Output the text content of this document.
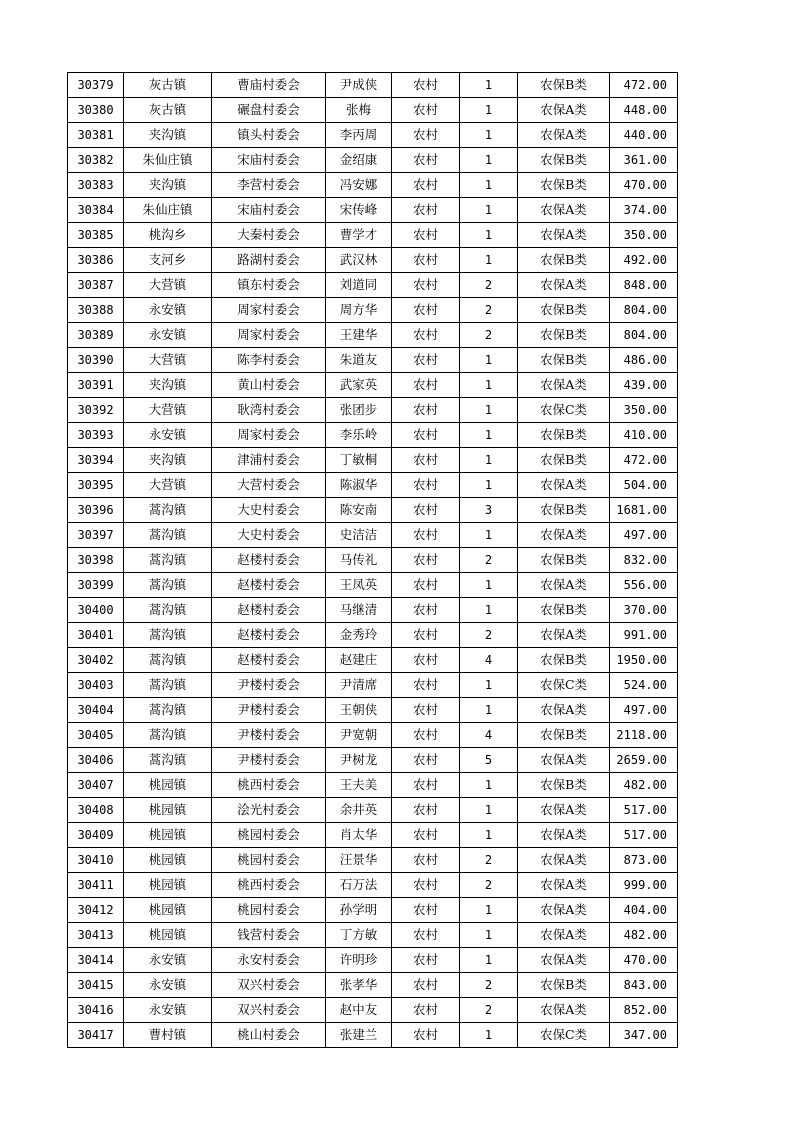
30379	灰古镇	曹庙村委会	尹成侠	农村	1	农保B类	472.00
30380	灰古镇	碾盘村委会	张梅	农村	1	农保A类	448.00
30381	夹沟镇	镇头村委会	李丙周	农村	1	农保A类	440.00
30382	朱仙庄镇	宋庙村委会	金绍康	农村	1	农保B类	361.00
30383	夹沟镇	李营村委会	冯安娜	农村	1	农保B类	470.00
30384	朱仙庄镇	宋庙村委会	宋传峰	农村	1	农保A类	374.00
30385	桃沟乡	大秦村委会	曹学才	农村	1	农保A类	350.00
30386	支河乡	路湖村委会	武汉林	农村	1	农保B类	492.00
30387	大营镇	镇东村委会	刘道同	农村	2	农保A类	848.00
30388	永安镇	周家村委会	周方华	农村	2	农保B类	804.00
30389	永安镇	周家村委会	王建华	农村	2	农保B类	804.00
30390	大营镇	陈李村委会	朱道友	农村	1	农保B类	486.00
30391	夹沟镇	黄山村委会	武家英	农村	1	农保A类	439.00
30392	大营镇	耿湾村委会	张团步	农村	1	农保C类	350.00
30393	永安镇	周家村委会	李乐岭	农村	1	农保B类	410.00
30394	夹沟镇	津浦村委会	丁敏桐	农村	1	农保B类	472.00
30395	大营镇	大营村委会	陈淑华	农村	1	农保A类	504.00
30396	蒿沟镇	大史村委会	陈安南	农村	3	农保B类	1681.00
30397	蒿沟镇	大史村委会	史洁洁	农村	1	农保A类	497.00
30398	蒿沟镇	赵楼村委会	马传礼	农村	2	农保B类	832.00
30399	蒿沟镇	赵楼村委会	王凤英	农村	1	农保A类	556.00
30400	蒿沟镇	赵楼村委会	马继清	农村	1	农保B类	370.00
30401	蒿沟镇	赵楼村委会	金秀玲	农村	2	农保A类	991.00
30402	蒿沟镇	赵楼村委会	赵建庄	农村	4	农保B类	1950.00
30403	蒿沟镇	尹楼村委会	尹清席	农村	1	农保C类	524.00
30404	蒿沟镇	尹楼村委会	王朝侠	农村	1	农保A类	497.00
30405	蒿沟镇	尹楼村委会	尹宽朝	农村	4	农保B类	2118.00
30406	蒿沟镇	尹楼村委会	尹树龙	农村	5	农保A类	2659.00
30407	桃园镇	桃西村委会	王夫美	农村	1	农保B类	482.00
30408	桃园镇	浍光村委会	余井英	农村	1	农保A类	517.00
30409	桃园镇	桃园村委会	肖太华	农村	1	农保A类	517.00
30410	桃园镇	桃园村委会	汪景华	农村	2	农保A类	873.00
30411	桃园镇	桃西村委会	石万法	农村	2	农保A类	999.00
30412	桃园镇	桃园村委会	孙学明	农村	1	农保A类	404.00
30413	桃园镇	钱营村委会	丁方敏	农村	1	农保A类	482.00
30414	永安镇	永安村委会	许明珍	农村	1	农保A类	470.00
30415	永安镇	双兴村委会	张孝华	农村	2	农保B类	843.00
30416	永安镇	双兴村委会	赵中友	农村	2	农保A类	852.00
30417	曹村镇	桃山村委会	张建兰	农村	1	农保C类	347.00
